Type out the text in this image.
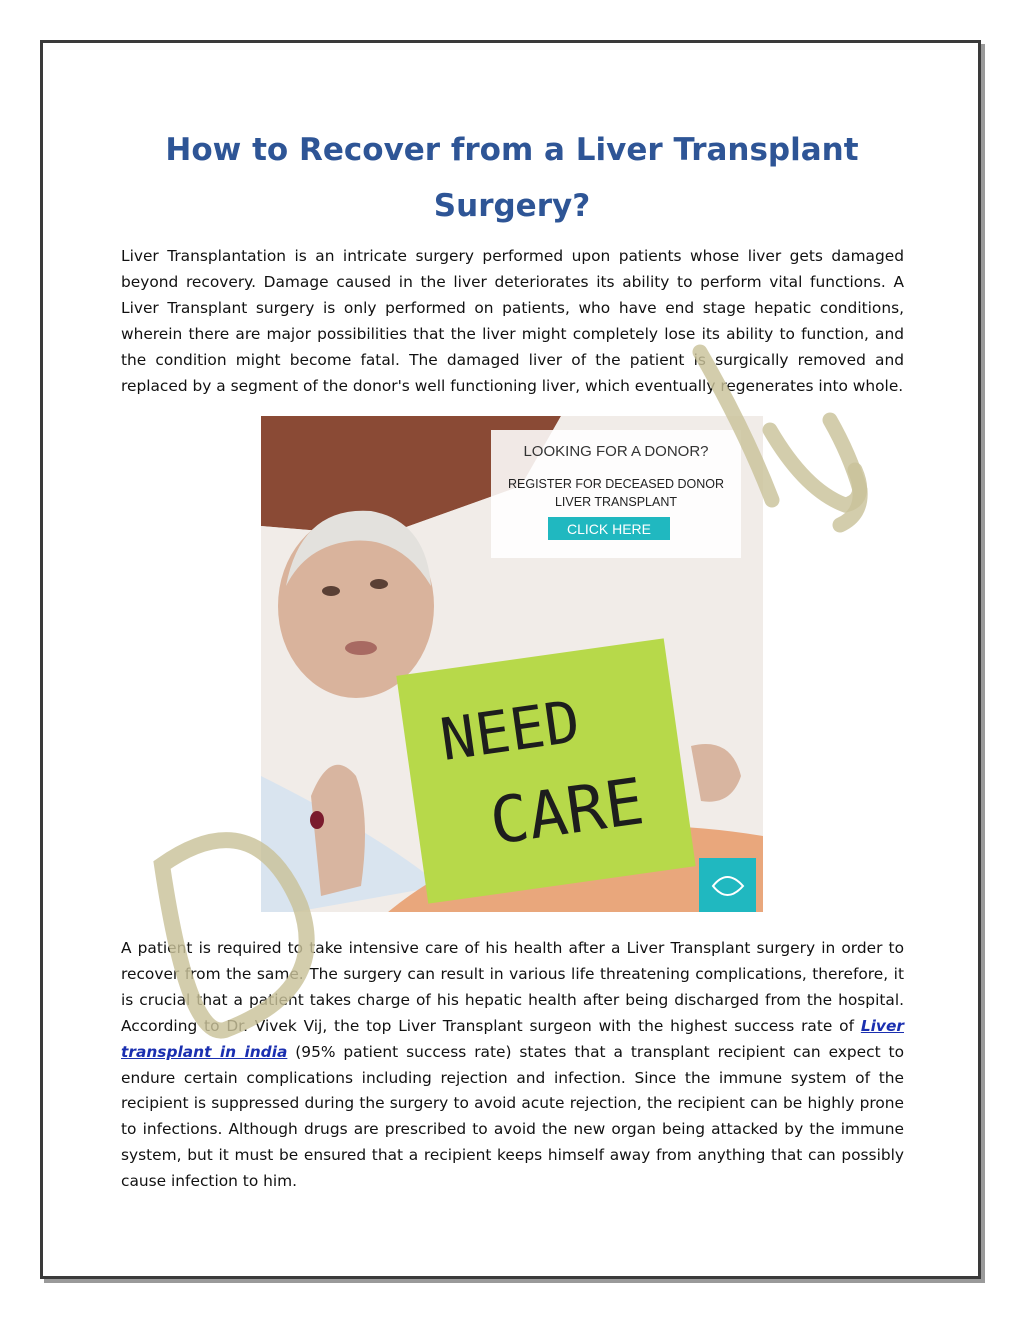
How to Recover from a Liver Transplant Surgery?

Liver Transplantation is an intricate surgery performed upon patients whose liver gets damaged beyond recovery. Damage caused in the liver deteriorates its ability to perform vital functions. A Liver Transplant surgery is only performed on patients, who have end stage hepatic conditions, wherein there are major possibilities that the liver might completely lose its ability to function, and the condition might become fatal. The damaged liver of the patient is surgically removed and replaced by a segment of the donor's well functioning liver, which eventually regenerates into whole.

NEED
CARE
LOOKING FOR A DONOR?
REGISTER FOR DECEASED DONOR
LIVER TRANSPLANT
CLICK HERE

A patient is required to take intensive care of his health after a Liver Transplant surgery in order to recover from the same. The surgery can result in various life threatening complications, therefore, it is crucial that a patient takes charge of his hepatic health after being discharged from the hospital. According to Dr. Vivek Vij, the top Liver Transplant surgeon with the highest success rate of Liver transplant in india (95% patient success rate) states that a transplant recipient can expect to endure certain complications including rejection and infection. Since the immune system of the recipient is suppressed during the surgery to avoid acute rejection, the recipient can be highly prone to infections. Although drugs are prescribed to avoid the new organ being attacked by the immune system, but it must be ensured that a recipient keeps himself away from anything that can possibly cause infection to him.
